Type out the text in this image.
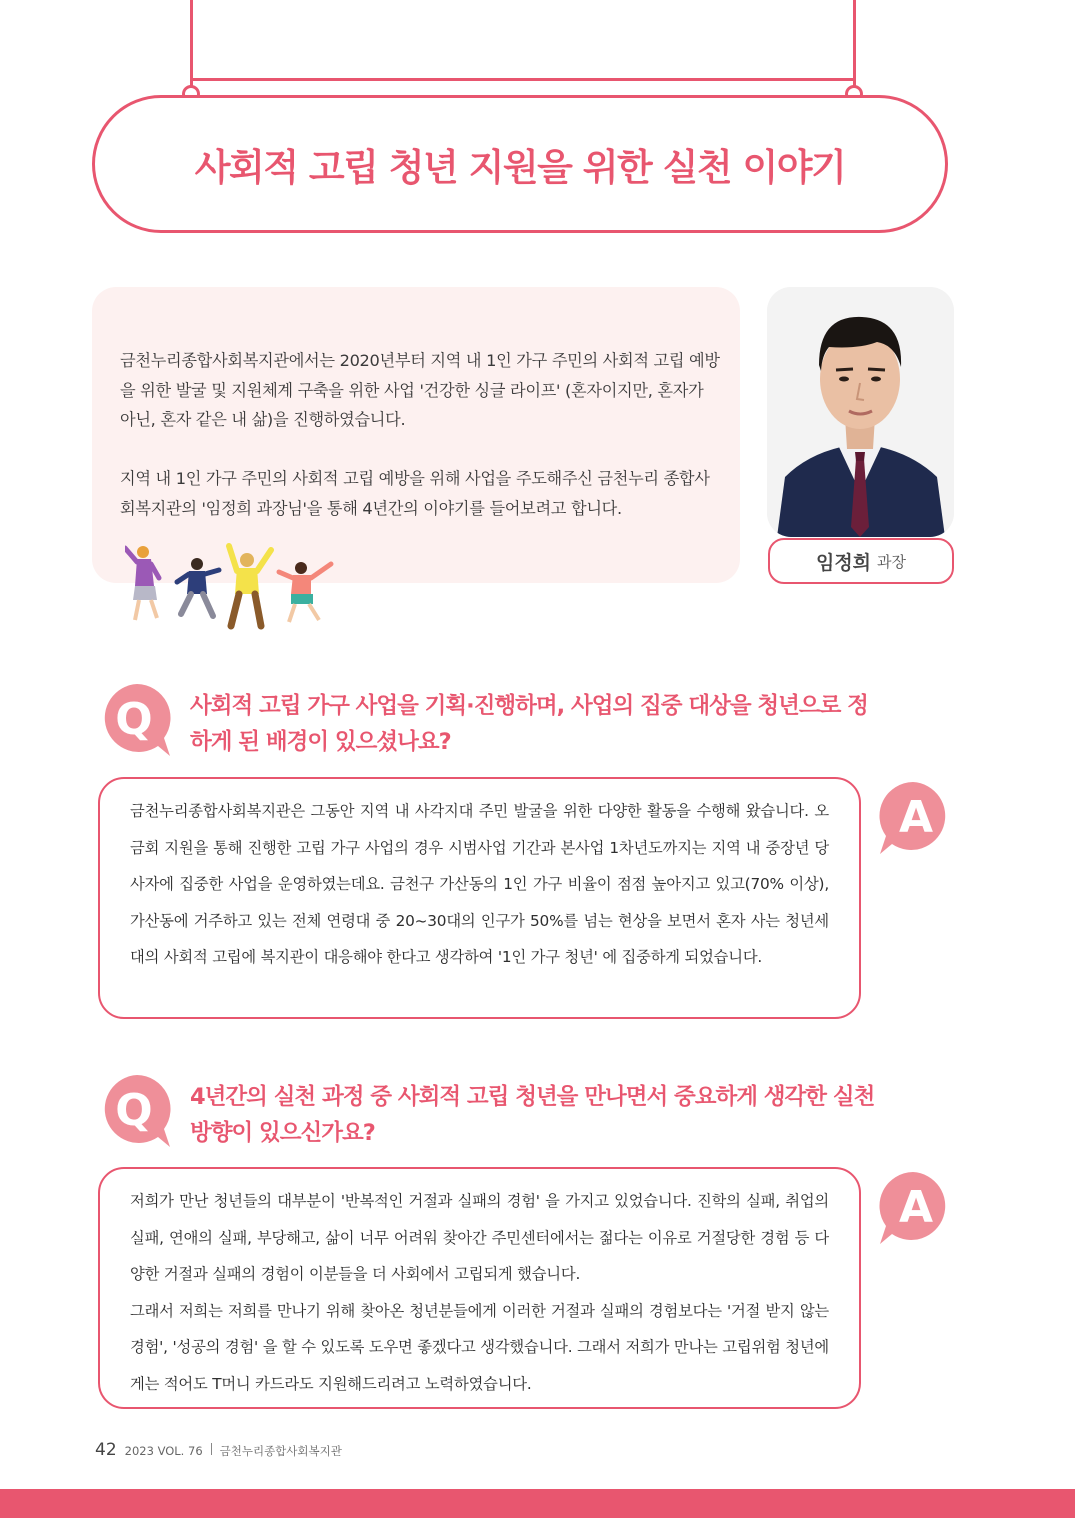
사회적 고립 청년 지원을 위한 실천 이야기

금천누리종합사회복지관에서는 2020년부터 지역 내 1인 가구 주민의 사회적 고립 예방을 위한 발굴 및 지원체계 구축을 위한 사업 '건강한 싱글 라이프' (혼자이지만, 혼자가 아닌, 혼자 같은 내 삶)을 진행하였습니다.

지역 내 1인 가구 주민의 사회적 고립 예방을 위해 사업을 주도해주신 금천누리 종합사회복지관의 '임정희 과장님'을 통해 4년간의 이야기를 들어보려고 합니다.

임정희 과장
Q 사회적 고립 가구 사업을 기획·진행하며, 사업의 집중 대상을 청년으로 정하게 된 배경이 있으셨나요?
A

금천누리종합사회복지관은 그동안 지역 내 사각지대 주민 발굴을 위한 다양한 활동을 수행해 왔습니다. 오금회 지원을 통해 진행한 고립 가구 사업의 경우 시범사업 기간과 본사업 1차년도까지는 지역 내 중장년 당사자에 집중한 사업을 운영하였는데요. 금천구 가산동의 1인 가구 비율이 점점 높아지고 있고(70% 이상), 가산동에 거주하고 있는 전체 연령대 중 20~30대의 인구가 50%를 넘는 현상을 보면서 혼자 사는 청년세대의 사회적 고립에 복지관이 대응해야 한다고 생각하여 '1인 가구 청년' 에 집중하게 되었습니다.

Q 4년간의 실천 과정 중 사회적 고립 청년을 만나면서 중요하게 생각한 실천 방향이 있으신가요?
A

저희가 만난 청년들의 대부분이 '반복적인 거절과 실패의 경험' 을 가지고 있었습니다. 진학의 실패, 취업의 실패, 연애의 실패, 부당해고, 삶이 너무 어려워 찾아간 주민센터에서는 젊다는 이유로 거절당한 경험 등 다양한 거절과 실패의 경험이 이분들을 더 사회에서 고립되게 했습니다.

그래서 저희는 저희를 만나기 위해 찾아온 청년분들에게 이러한 거절과 실패의 경험보다는 '거절 받지 않는 경험', '성공의 경험' 을 할 수 있도록 도우면 좋겠다고 생각했습니다. 그래서 저희가 만나는 고립위험 청년에게는 적어도 T머니 카드라도 지원해드리려고 노력하였습니다.

42 2023 VOL. 76 금천누리종합사회복지관
